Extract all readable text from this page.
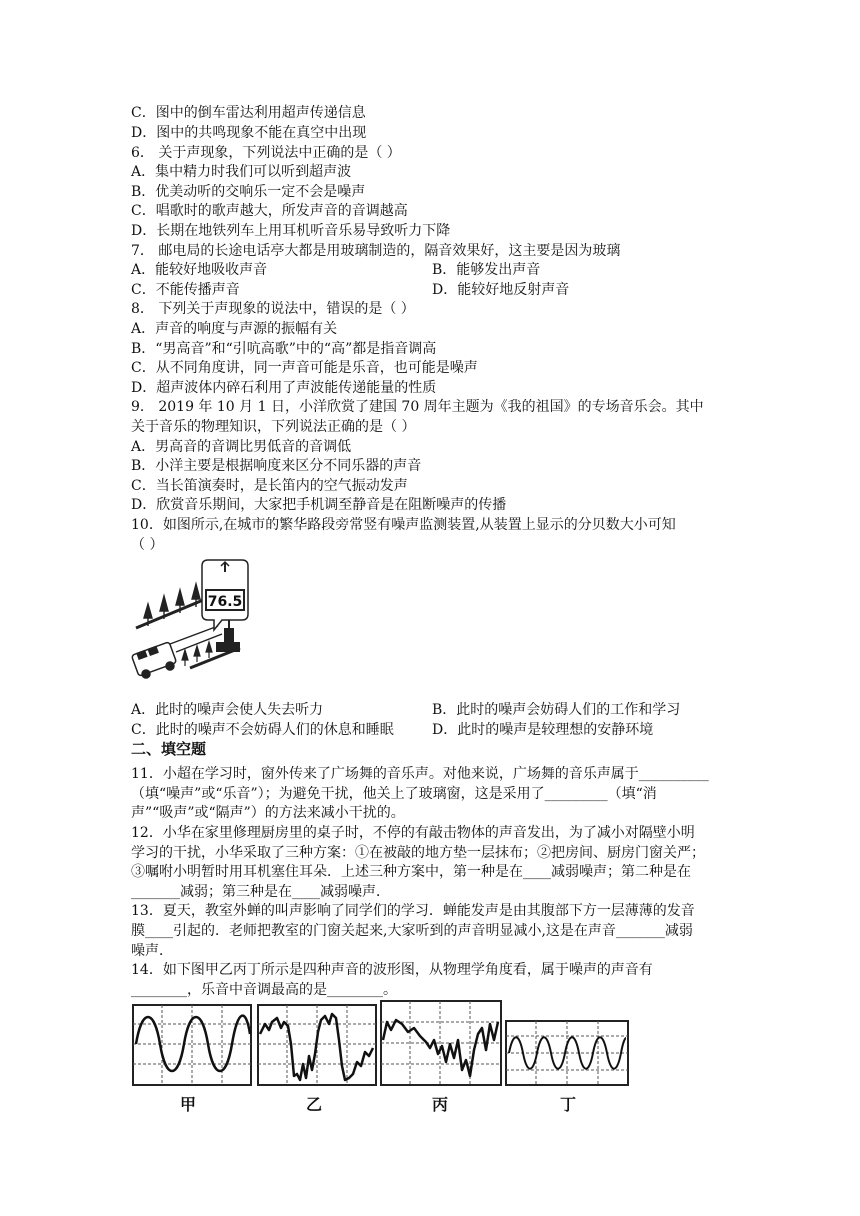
C．图中的倒车雷达利用超声传递信息
D．图中的共鸣现象不能在真空中出现
6． 关于声现象，下列说法中正确的是（ ）
A．集中精力时我们可以听到超声波
B．优美动听的交响乐一定不会是噪声
C．唱歌时的歌声越大，所发声音的音调越高
D．长期在地铁列车上用耳机听音乐易导致听力下降
7． 邮电局的长途电话亭大都是用玻璃制造的，隔音效果好，这主要是因为玻璃
A．能较好地吸收声音	B．能够发出声音
C．不能传播声音	D．能较好地反射声音
8． 下列关于声现象的说法中，错误的是（ ）
A．声音的响度与声源的振幅有关
B．“男高音”和“引吭高歌”中的“高”都是指音调高
C．从不同角度讲，同一声音可能是乐音，也可能是噪声
D．超声波体内碎石利用了声波能传递能量的性质
9． 2019 年 10 月 1 日，小洋欣赏了建国 70 周年主题为《我的祖国》的专场音乐会。其中
关于音乐的物理知识，下列说法正确的是（ ）
A．男高音的音调比男低音的音调低
B．小洋主要是根据响度来区分不同乐器的声音
C．当长笛演奏时，是长笛内的空气振动发声
D．欣赏音乐期间，大家把手机调至静音是在阻断噪声的传播
10．如图所示,在城市的繁华路段旁常竖有噪声监测装置,从装置上显示的分贝数大小可知
（ ）
76.5
A．此时的噪声会使人失去听力	B．此时的噪声会妨碍人们的工作和学习
C．此时的噪声不会妨碍人们的休息和睡眠	D．此时的噪声是较理想的安静环境
二、填空题
11．小超在学习时，窗外传来了广场舞的音乐声。对他来说，广场舞的音乐声属于__________
（填“噪声”或“乐音”）；为避免干扰，他关上了玻璃窗，这是采用了_________（填“消
声”“吸声”或“隔声”）的方法来减小干扰的。
12．小华在家里修理厨房里的桌子时，不停的有敲击物体的声音发出，为了减小对隔壁小明
学习的干扰，小华采取了三种方案：①在被敲的地方垫一层抹布；②把房间、厨房门窗关严；
③嘱咐小明暂时用耳机塞住耳朵．上述三种方案中，第一种是在____减弱噪声；第二种是在
_______减弱；第三种是在____减弱噪声．
13．夏天，教室外蝉的叫声影响了同学们的学习．蝉能发声是由其腹部下方一层薄薄的发音
膜____引起的．老师把教室的门窗关起来,大家听到的声音明显减小,这是在声音_______减弱
噪声．
14．如下图甲乙丙丁所示是四种声音的波形图，从物理学角度看，属于噪声的声音有
________，乐音中音调最高的是________。
甲	乙	丙	丁
